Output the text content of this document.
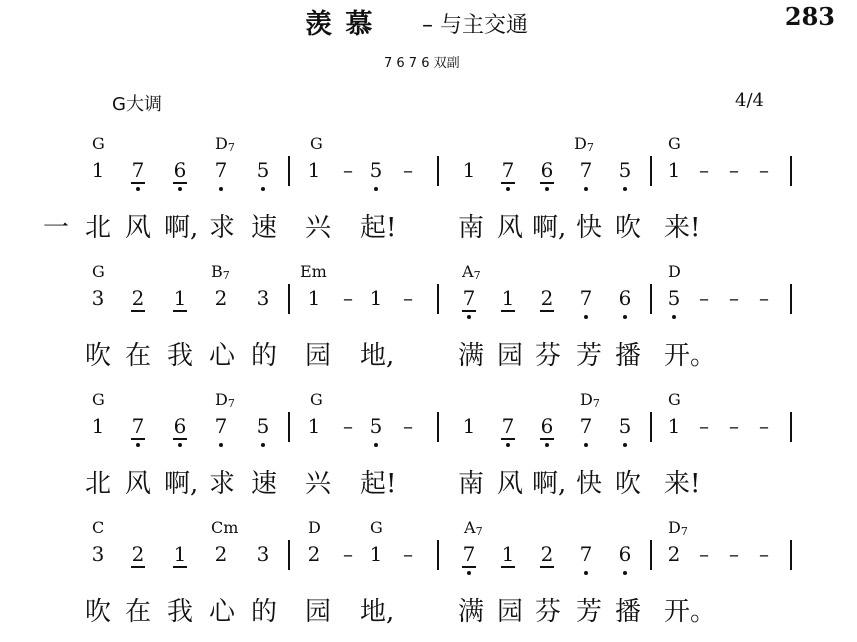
283
羡 慕 – 与主交通
7 6 7 6 双副
G大调	4/4
G	$D_7$	G	$D_7$	G
1 7 6 7 5 1 – 5 – 1 7 6 7 5 1 – – –
一 北 风 啊, 求 速 兴 起! 南 风 啊, 快 吹 来!
G	$B_7$	Em	$A_7$	D
3 2 1 2 3 1 – 1 – 7 1 2 7 6 5 – – –
吹 在 我 心 的 园 地, 满 园 芬 芳 播 开。
G	$D_7$	G	$D_7$	G
1 7 6 7 5 1 – 5 – 1 7 6 7 5 1 – – –
北 风 啊, 求 速 兴 起! 南 风 啊, 快 吹 来!
C	Cm	D	G	$A_7$	$D_7$
3 2 1 2 3 2 – 1 – 7 1 2 7 6 2 – – –
吹 在 我 心 的 园 地, 满 园 芬 芳 播 开。
